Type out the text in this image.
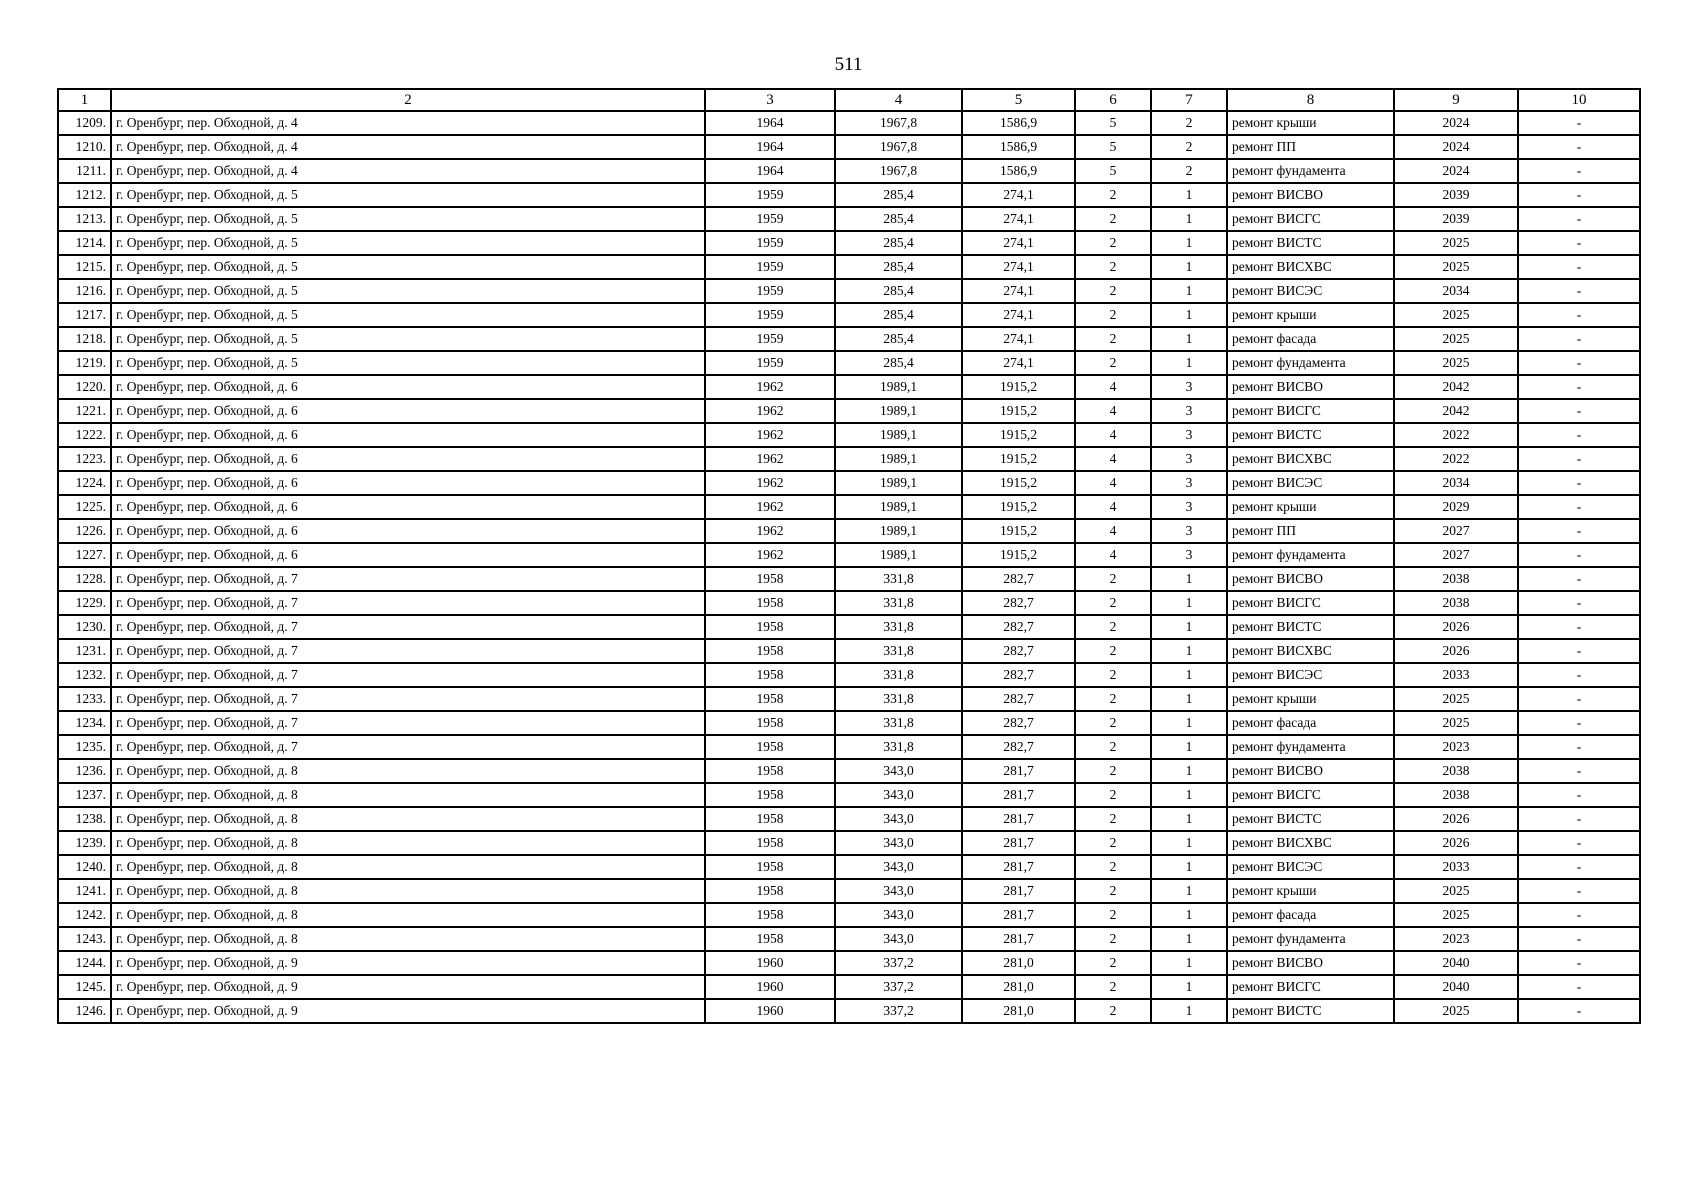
511
1	2	3	4	5	6	7	8	9	10
1209.	г. Оренбург, пер. Обходной, д. 4	1964	1967,8	1586,9	5	2	ремонт крыши	2024	-
1210.	г. Оренбург, пер. Обходной, д. 4	1964	1967,8	1586,9	5	2	ремонт ПП	2024	-
1211.	г. Оренбург, пер. Обходной, д. 4	1964	1967,8	1586,9	5	2	ремонт фундамента	2024	-
1212.	г. Оренбург, пер. Обходной, д. 5	1959	285,4	274,1	2	1	ремонт ВИСВО	2039	-
1213.	г. Оренбург, пер. Обходной, д. 5	1959	285,4	274,1	2	1	ремонт ВИСГС	2039	-
1214.	г. Оренбург, пер. Обходной, д. 5	1959	285,4	274,1	2	1	ремонт ВИСТС	2025	-
1215.	г. Оренбург, пер. Обходной, д. 5	1959	285,4	274,1	2	1	ремонт ВИСХВС	2025	-
1216.	г. Оренбург, пер. Обходной, д. 5	1959	285,4	274,1	2	1	ремонт ВИСЭС	2034	-
1217.	г. Оренбург, пер. Обходной, д. 5	1959	285,4	274,1	2	1	ремонт крыши	2025	-
1218.	г. Оренбург, пер. Обходной, д. 5	1959	285,4	274,1	2	1	ремонт фасада	2025	-
1219.	г. Оренбург, пер. Обходной, д. 5	1959	285,4	274,1	2	1	ремонт фундамента	2025	-
1220.	г. Оренбург, пер. Обходной, д. 6	1962	1989,1	1915,2	4	3	ремонт ВИСВО	2042	-
1221.	г. Оренбург, пер. Обходной, д. 6	1962	1989,1	1915,2	4	3	ремонт ВИСГС	2042	-
1222.	г. Оренбург, пер. Обходной, д. 6	1962	1989,1	1915,2	4	3	ремонт ВИСТС	2022	-
1223.	г. Оренбург, пер. Обходной, д. 6	1962	1989,1	1915,2	4	3	ремонт ВИСХВС	2022	-
1224.	г. Оренбург, пер. Обходной, д. 6	1962	1989,1	1915,2	4	3	ремонт ВИСЭС	2034	-
1225.	г. Оренбург, пер. Обходной, д. 6	1962	1989,1	1915,2	4	3	ремонт крыши	2029	-
1226.	г. Оренбург, пер. Обходной, д. 6	1962	1989,1	1915,2	4	3	ремонт ПП	2027	-
1227.	г. Оренбург, пер. Обходной, д. 6	1962	1989,1	1915,2	4	3	ремонт фундамента	2027	-
1228.	г. Оренбург, пер. Обходной, д. 7	1958	331,8	282,7	2	1	ремонт ВИСВО	2038	-
1229.	г. Оренбург, пер. Обходной, д. 7	1958	331,8	282,7	2	1	ремонт ВИСГС	2038	-
1230.	г. Оренбург, пер. Обходной, д. 7	1958	331,8	282,7	2	1	ремонт ВИСТС	2026	-
1231.	г. Оренбург, пер. Обходной, д. 7	1958	331,8	282,7	2	1	ремонт ВИСХВС	2026	-
1232.	г. Оренбург, пер. Обходной, д. 7	1958	331,8	282,7	2	1	ремонт ВИСЭС	2033	-
1233.	г. Оренбург, пер. Обходной, д. 7	1958	331,8	282,7	2	1	ремонт крыши	2025	-
1234.	г. Оренбург, пер. Обходной, д. 7	1958	331,8	282,7	2	1	ремонт фасада	2025	-
1235.	г. Оренбург, пер. Обходной, д. 7	1958	331,8	282,7	2	1	ремонт фундамента	2023	-
1236.	г. Оренбург, пер. Обходной, д. 8	1958	343,0	281,7	2	1	ремонт ВИСВО	2038	-
1237.	г. Оренбург, пер. Обходной, д. 8	1958	343,0	281,7	2	1	ремонт ВИСГС	2038	-
1238.	г. Оренбург, пер. Обходной, д. 8	1958	343,0	281,7	2	1	ремонт ВИСТС	2026	-
1239.	г. Оренбург, пер. Обходной, д. 8	1958	343,0	281,7	2	1	ремонт ВИСХВС	2026	-
1240.	г. Оренбург, пер. Обходной, д. 8	1958	343,0	281,7	2	1	ремонт ВИСЭС	2033	-
1241.	г. Оренбург, пер. Обходной, д. 8	1958	343,0	281,7	2	1	ремонт крыши	2025	-
1242.	г. Оренбург, пер. Обходной, д. 8	1958	343,0	281,7	2	1	ремонт фасада	2025	-
1243.	г. Оренбург, пер. Обходной, д. 8	1958	343,0	281,7	2	1	ремонт фундамента	2023	-
1244.	г. Оренбург, пер. Обходной, д. 9	1960	337,2	281,0	2	1	ремонт ВИСВО	2040	-
1245.	г. Оренбург, пер. Обходной, д. 9	1960	337,2	281,0	2	1	ремонт ВИСГС	2040	-
1246.	г. Оренбург, пер. Обходной, д. 9	1960	337,2	281,0	2	1	ремонт ВИСТС	2025	-
